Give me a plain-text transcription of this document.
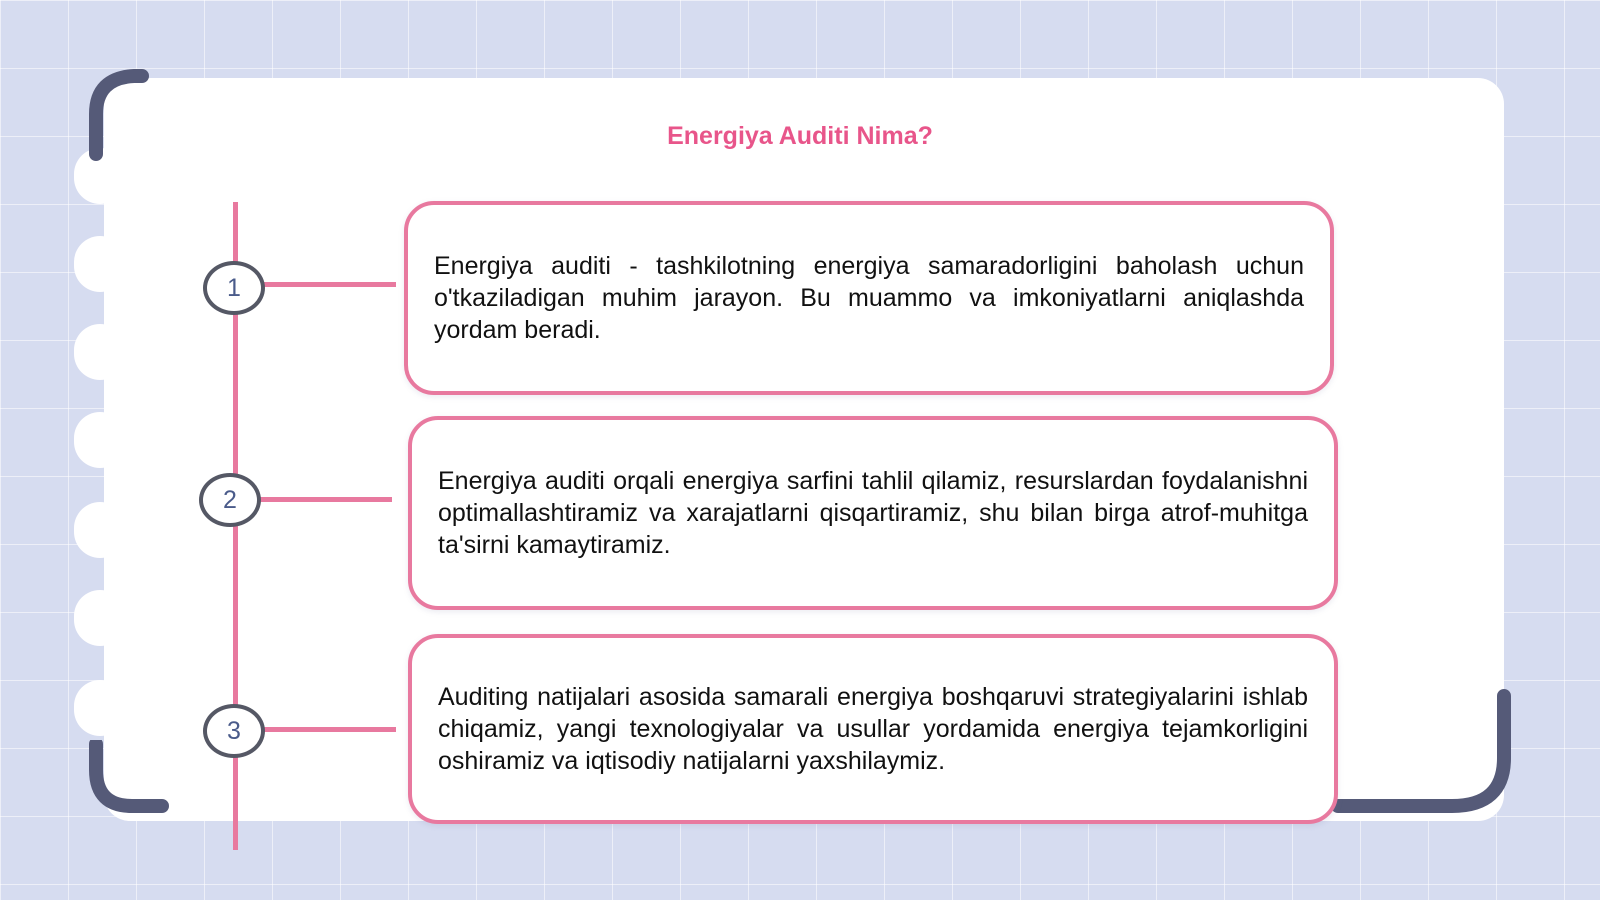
Energiya Auditi Nima?
1
2
3
Energiya auditi - tashkilotning energiya samaradorligini baholash uchun o'tkaziladigan muhim jarayon. Bu muammo va imkoniyatlarni aniqlashda yordam beradi.
Energiya auditi orqali energiya sarfini tahlil qilamiz, resurslardan foydalanishni optimallashtiramiz va xarajatlarni qisqartiramiz, shu bilan birga atrof-muhitga ta'sirni kamaytiramiz.
Auditing natijalari asosida samarali energiya boshqaruvi strategiyalarini ishlab chiqamiz, yangi texnologiyalar va usullar yordamida energiya tejamkorligini oshiramiz va iqtisodiy natijalarni yaxshilaymiz.
